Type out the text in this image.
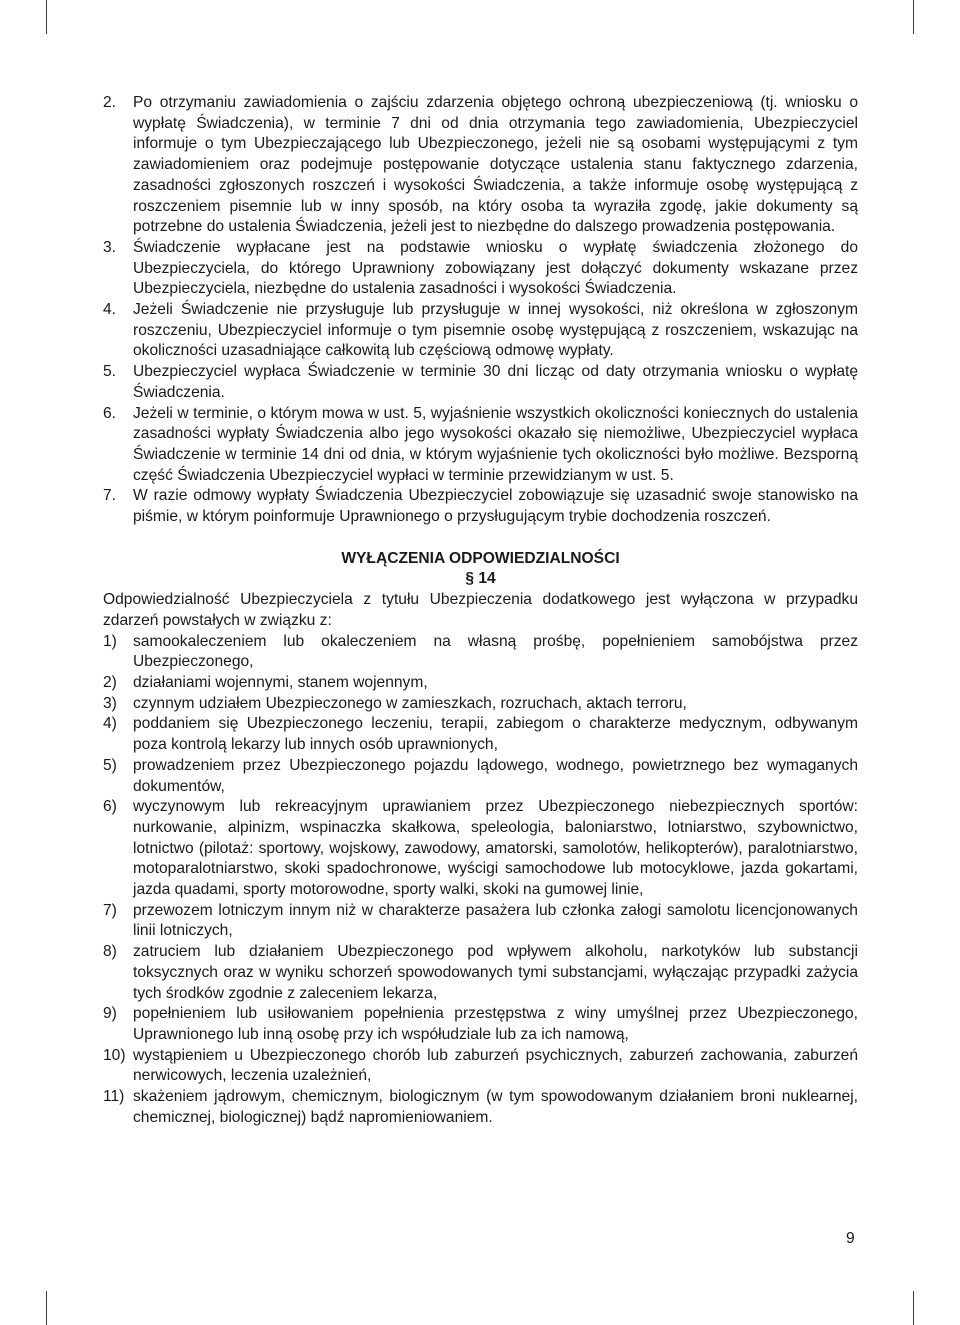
2. Po otrzymaniu zawiadomienia o zajściu zdarzenia objętego ochroną ubezpieczeniową (tj. wniosku o wypłatę Świadczenia), w terminie 7 dni od dnia otrzymania tego zawiadomienia, Ubezpieczyciel informuje o tym Ubezpieczającego lub Ubezpieczonego, jeżeli nie są osobami występującymi z tym zawiadomieniem oraz podejmuje postępowanie dotyczące ustalenia stanu faktycznego zdarzenia, zasadności zgłoszonych roszczeń i wysokości Świadczenia, a także informuje osobę występującą z roszczeniem pisemnie lub w inny sposób, na który osoba ta wyraziła zgodę, jakie dokumenty są potrzebne do ustalenia Świadczenia, jeżeli jest to niezbędne do dalszego prowadzenia postępowania.
3. Świadczenie wypłacane jest na podstawie wniosku o wypłatę świadczenia złożonego do Ubezpieczyciela, do którego Uprawniony zobowiązany jest dołączyć dokumenty wskazane przez Ubezpieczyciela, niezbędne do ustalenia zasadności i wysokości Świadczenia.
4. Jeżeli Świadczenie nie przysługuje lub przysługuje w innej wysokości, niż określona w zgłoszonym roszczeniu, Ubezpieczyciel informuje o tym pisemnie osobę występującą z roszczeniem, wskazując na okoliczności uzasadniające całkowitą lub częściową odmowę wypłaty.
5. Ubezpieczyciel wypłaca Świadczenie w terminie 30 dni licząc od daty otrzymania wniosku o wypłatę Świadczenia.
6. Jeżeli w terminie, o którym mowa w ust. 5, wyjaśnienie wszystkich okoliczności koniecznych do ustalenia zasadności wypłaty Świadczenia albo jego wysokości okazało się niemożliwe, Ubezpieczyciel wypłaca Świadczenie w terminie 14 dni od dnia, w którym wyjaśnienie tych okoliczności było możliwe. Bezsporną część Świadczenia Ubezpieczyciel wypłaci w terminie przewidzianym w ust. 5.
7. W razie odmowy wypłaty Świadczenia Ubezpieczyciel zobowiązuje się uzasadnić swoje stanowisko na piśmie, w którym poinformuje Uprawnionego o przysługującym trybie dochodzenia roszczeń.
WYŁĄCZENIA ODPOWIEDZIALNOŚCI
§ 14
Odpowiedzialność Ubezpieczyciela z tytułu Ubezpieczenia dodatkowego jest wyłączona w przypadku zdarzeń powstałych w związku z:
1) samookaleczeniem lub okaleczeniem na własną prośbę, popełnieniem samobójstwa przez Ubezpieczonego,
2) działaniami wojennymi, stanem wojennym,
3) czynnym udziałem Ubezpieczonego w zamieszkach, rozruchach, aktach terroru,
4) poddaniem się Ubezpieczonego leczeniu, terapii, zabiegom o charakterze medycznym, odbywanym poza kontrolą lekarzy lub innych osób uprawnionych,
5) prowadzeniem przez Ubezpieczonego pojazdu lądowego, wodnego, powietrznego bez wymaganych dokumentów,
6) wyczynowym lub rekreacyjnym uprawianiem przez Ubezpieczonego niebezpiecznych sportów: nurkowanie, alpinizm, wspinaczka skałkowa, speleologia, baloniarstwo, lotniarstwo, szybownictwo, lotnictwo (pilotaż: sportowy, wojskowy, zawodowy, amatorski, samolotów, helikopterów), paralotniarstwo, motoparalotniarstwo, skoki spadochronowe, wyścigi samochodowe lub motocyklowe, jazda gokartami, jazda quadami, sporty motorowodne, sporty walki, skoki na gumowej linie,
7) przewozem lotniczym innym niż w charakterze pasażera lub członka załogi samolotu licencjonowanych linii lotniczych,
8) zatruciem lub działaniem Ubezpieczonego pod wpływem alkoholu, narkotyków lub substancji toksycznych oraz w wyniku schorzeń spowodowanych tymi substancjami, wyłączając przypadki zażycia tych środków zgodnie z zaleceniem lekarza,
9) popełnieniem lub usiłowaniem popełnienia przestępstwa z winy umyślnej przez Ubezpieczonego, Uprawnionego lub inną osobę przy ich współudziale lub za ich namową,
10) wystąpieniem u Ubezpieczonego chorób lub zaburzeń psychicznych, zaburzeń zachowania, zaburzeń nerwicowych, leczenia uzależnień,
11) skażeniem jądrowym, chemicznym, biologicznym (w tym spowodowanym działaniem broni nuklearnej, chemicznej, biologicznej) bądź napromieniowaniem.
9
